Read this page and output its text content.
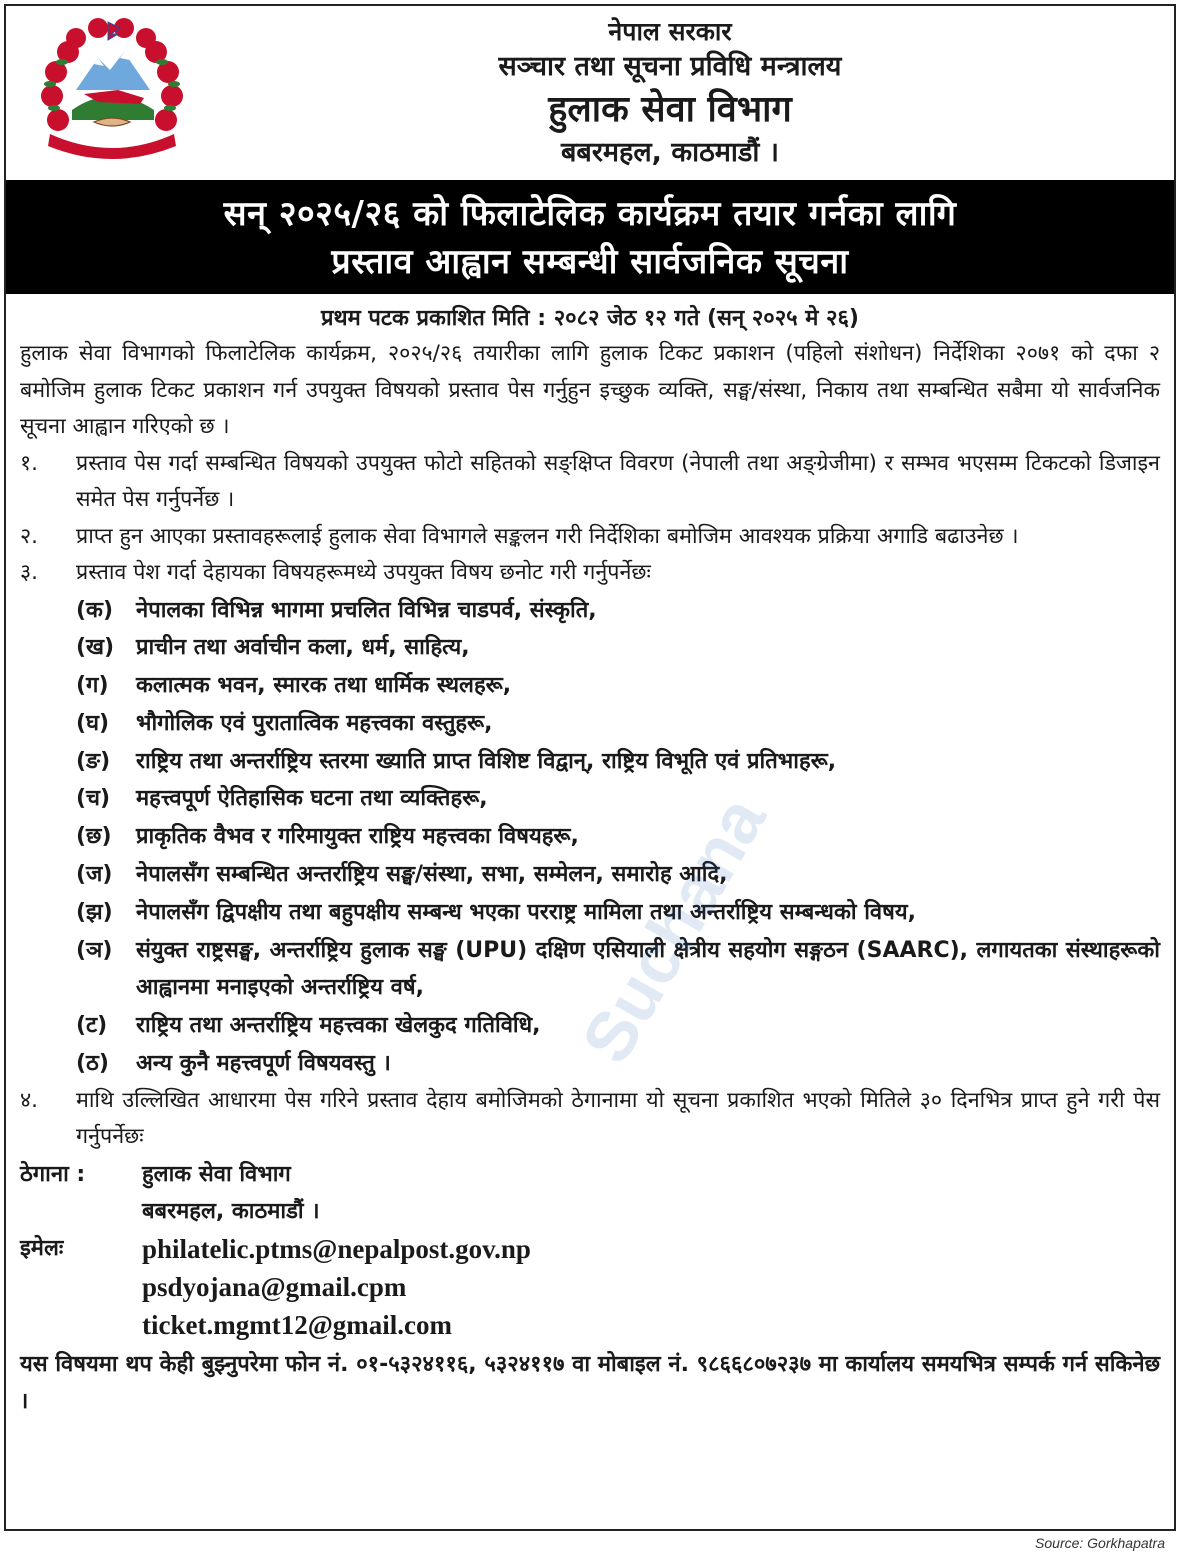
नेपाल सरकार
सञ्चार तथा सूचना प्रविधि मन्त्रालय
हुलाक सेवा विभाग
बबरमहल, काठमाडौं ।
सन् २०२५/२६ को फिलाटेलिक कार्यक्रम तयार गर्नका लागि
प्रस्ताव आह्वान सम्बन्धी सार्वजनिक सूचना
प्रथम पटक प्रकाशित मिति : २०८२ जेठ १२ गते (सन् २०२५ मे २६)
हुलाक सेवा विभागको फिलाटेलिक कार्यक्रम, २०२५/२६ तयारीका लागि हुलाक टिकट प्रकाशन (पहिलो संशोधन) निर्देशिका २०७१ को दफा २ बमोजिम हुलाक टिकट प्रकाशन गर्न उपयुक्त विषयको प्रस्ताव पेस गर्नुहुन इच्छुक व्यक्ति, सङ्घ/संस्था, निकाय तथा सम्बन्धित सबैमा यो सार्वजनिक सूचना आह्वान गरिएको छ ।
१.	प्रस्ताव पेस गर्दा सम्बन्धित विषयको उपयुक्त फोटो सहितको सङ्क्षिप्त विवरण (नेपाली तथा अङ्ग्रेजीमा) र सम्भव भएसम्म टिकटको डिजाइन समेत पेस गर्नुपर्नेछ ।
२.	प्राप्त हुन आएका प्रस्तावहरूलाई हुलाक सेवा विभागले सङ्कलन गरी निर्देशिका बमोजिम आवश्यक प्रक्रिया अगाडि बढाउनेछ ।
३.	प्रस्ताव पेश गर्दा देहायका विषयहरूमध्ये उपयुक्त विषय छनोट गरी गर्नुपर्नेछः
(क)	नेपालका विभिन्न भागमा प्रचलित विभिन्न चाडपर्व, संस्कृति,
(ख) प्राचीन तथा अर्वाचीन कला, धर्म, साहित्य,
(ग)	कलात्मक भवन, स्मारक तथा धार्मिक स्थलहरू,
(घ)	भौगोलिक एवं पुरातात्विक महत्त्वका वस्तुहरू,
(ङ)	राष्ट्रिय तथा अन्तर्राष्ट्रिय स्तरमा ख्याति प्राप्त विशिष्ट विद्वान्, राष्ट्रिय विभूति एवं प्रतिभाहरू,
(च)	महत्त्वपूर्ण ऐतिहासिक घटना तथा व्यक्तिहरू,
(छ)	प्राकृतिक वैभव र गरिमायुक्त राष्ट्रिय महत्त्वका विषयहरू,
(ज)	नेपालसँग सम्बन्धित अन्तर्राष्ट्रिय सङ्घ/संस्था, सभा, सम्मेलन, समारोह आदि,
(झ)	नेपालसँग द्विपक्षीय तथा बहुपक्षीय सम्बन्ध भएका परराष्ट्र मामिला तथा अन्तर्राष्ट्रिय सम्बन्धको विषय,
(ञ)	संयुक्त राष्ट्रसङ्घ, अन्तर्राष्ट्रिय हुलाक सङ्घ (UPU) दक्षिण एसियाली क्षेत्रीय सहयोग सङ्गठन (SAARC), लगायतका संस्थाहरूको आह्वानमा मनाइएको अन्तर्राष्ट्रिय वर्ष,
(ट)	राष्ट्रिय तथा अन्तर्राष्ट्रिय महत्त्वका खेलकुद गतिविधि,
(ठ)	अन्य कुनै महत्त्वपूर्ण विषयवस्तु ।
४.	माथि उल्लिखित आधारमा पेस गरिने प्रस्ताव देहाय बमोजिमको ठेगानामा यो सूचना प्रकाशित भएको मितिले ३० दिनभित्र प्राप्त हुने गरी पेस गर्नुपर्नेछः
ठेगाना :	हुलाक सेवा विभाग
बबरमहल, काठमाडौं ।
इमेलः	philatelic.ptms@nepalpost.gov.np
psdyojana@gmail.cpm
ticket.mgmt12@gmail.com
यस विषयमा थप केही बुझ्नुपरेमा फोन नं. ०१-५३२४११६, ५३२४११७ वा मोबाइल नं. ९८६६८०७२३७ मा कार्यालय समयभित्र सम्पर्क गर्न सकिनेछ ।
Suchana
Source: Gorkhapatra
